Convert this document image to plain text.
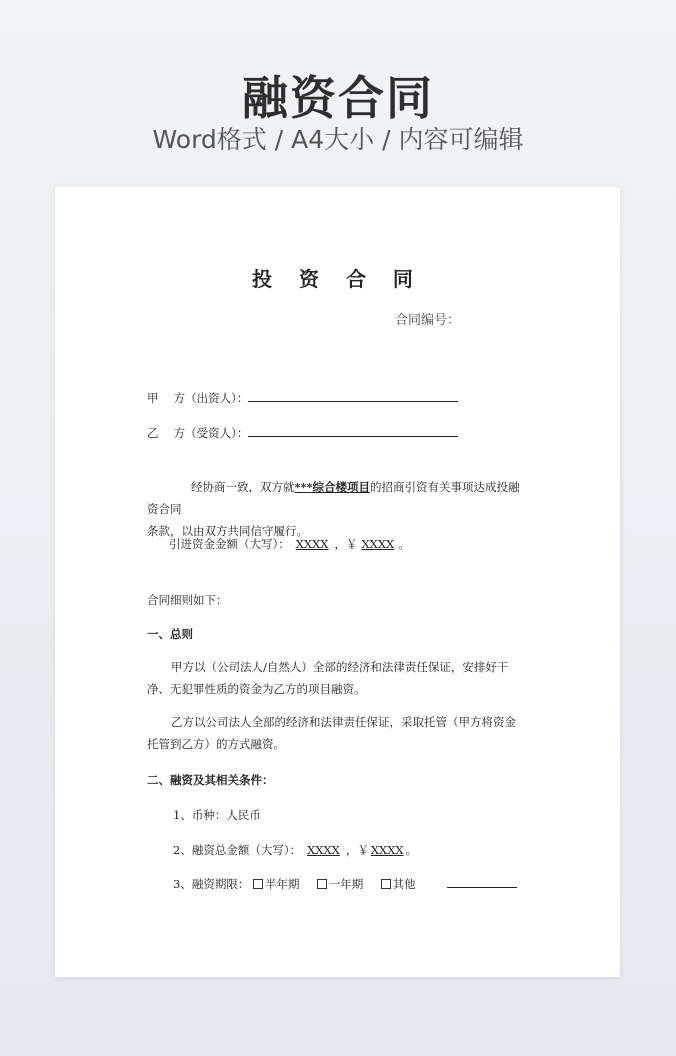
融资合同
Word格式 / A4大小 / 内容可编辑
投 资 合 同
合同编号：
甲　 方（出资人）：
乙　 方（受资人）：
经协商一致，双方就***综合楼项目的招商引资有关事项达成投融资合同
条款，以由双方共同信守履行。
引进资金金额（大写）： XXXX ，￥ XXXX 。
合同细则如下：
一、总则
甲方以（公司法人/自然人）全部的经济和法律责任保证，安排好干净、无犯罪性质的资金为乙方的项目融资。
乙方以公司法人全部的经济和法律责任保证，采取托管（甲方将资金托管到乙方）的方式融资。
二、融资及其相关条件：
1、币种：人民币
2、融资总金额（大写）： XXXX ，￥ XXXX 。
3、融资期限： 半年期	一年期	其他
